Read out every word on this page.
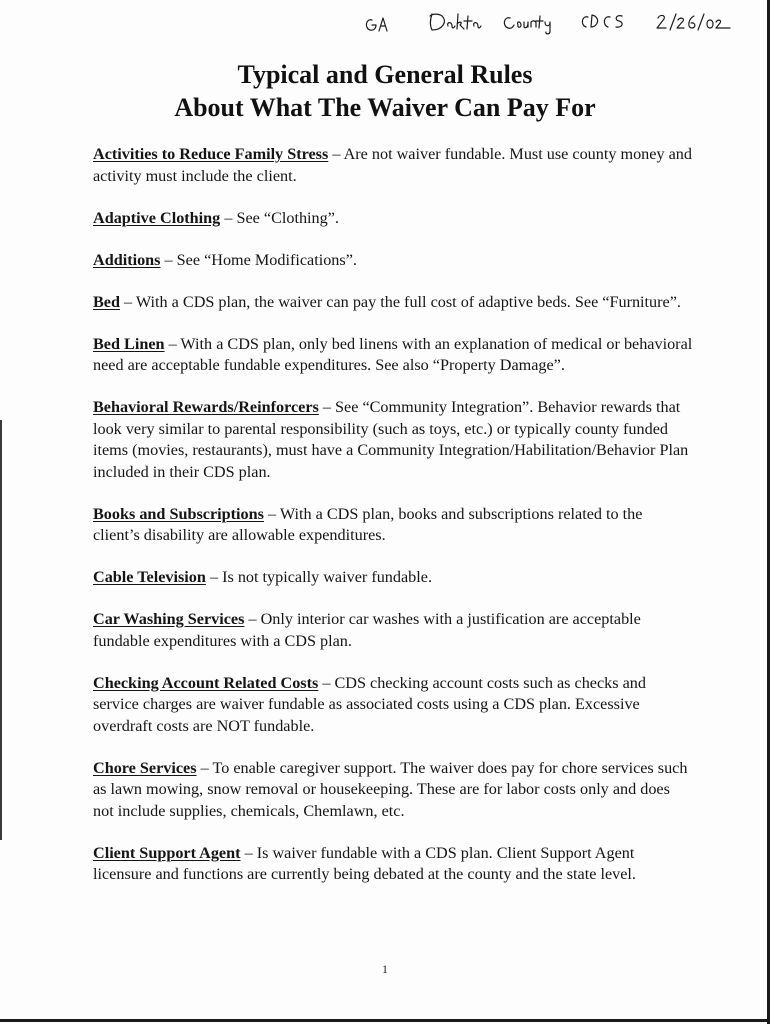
Typical and General Rules
About What The Waiver Can Pay For

Activities to Reduce Family Stress – Are not waiver fundable. Must use county money and activity must include the client.

Adaptive Clothing – See “Clothing”.

Additions – See “Home Modifications”.

Bed – With a CDS plan, the waiver can pay the full cost of adaptive beds. See “Furniture”.

Bed Linen – With a CDS plan, only bed linens with an explanation of medical or behavioral need are acceptable fundable expenditures. See also “Property Damage”.

Behavioral Rewards/Reinforcers – See “Community Integration”. Behavior rewards that look very similar to parental responsibility (such as toys, etc.) or typically county funded items (movies, restaurants), must have a Community Integration/Habilitation/Behavior Plan included in their CDS plan.

Books and Subscriptions – With a CDS plan, books and subscriptions related to the client’s disability are allowable expenditures.

Cable Television – Is not typically waiver fundable.

Car Washing Services – Only interior car washes with a justification are acceptable fundable expenditures with a CDS plan.

Checking Account Related Costs – CDS checking account costs such as checks and service charges are waiver fundable as associated costs using a CDS plan. Excessive overdraft costs are NOT fundable.

Chore Services – To enable caregiver support. The waiver does pay for chore services such as lawn mowing, snow removal or housekeeping. These are for labor costs only and does not include supplies, chemicals, Chemlawn, etc.

Client Support Agent – Is waiver fundable with a CDS plan. Client Support Agent licensure and functions are currently being debated at the county and the state level.

1
